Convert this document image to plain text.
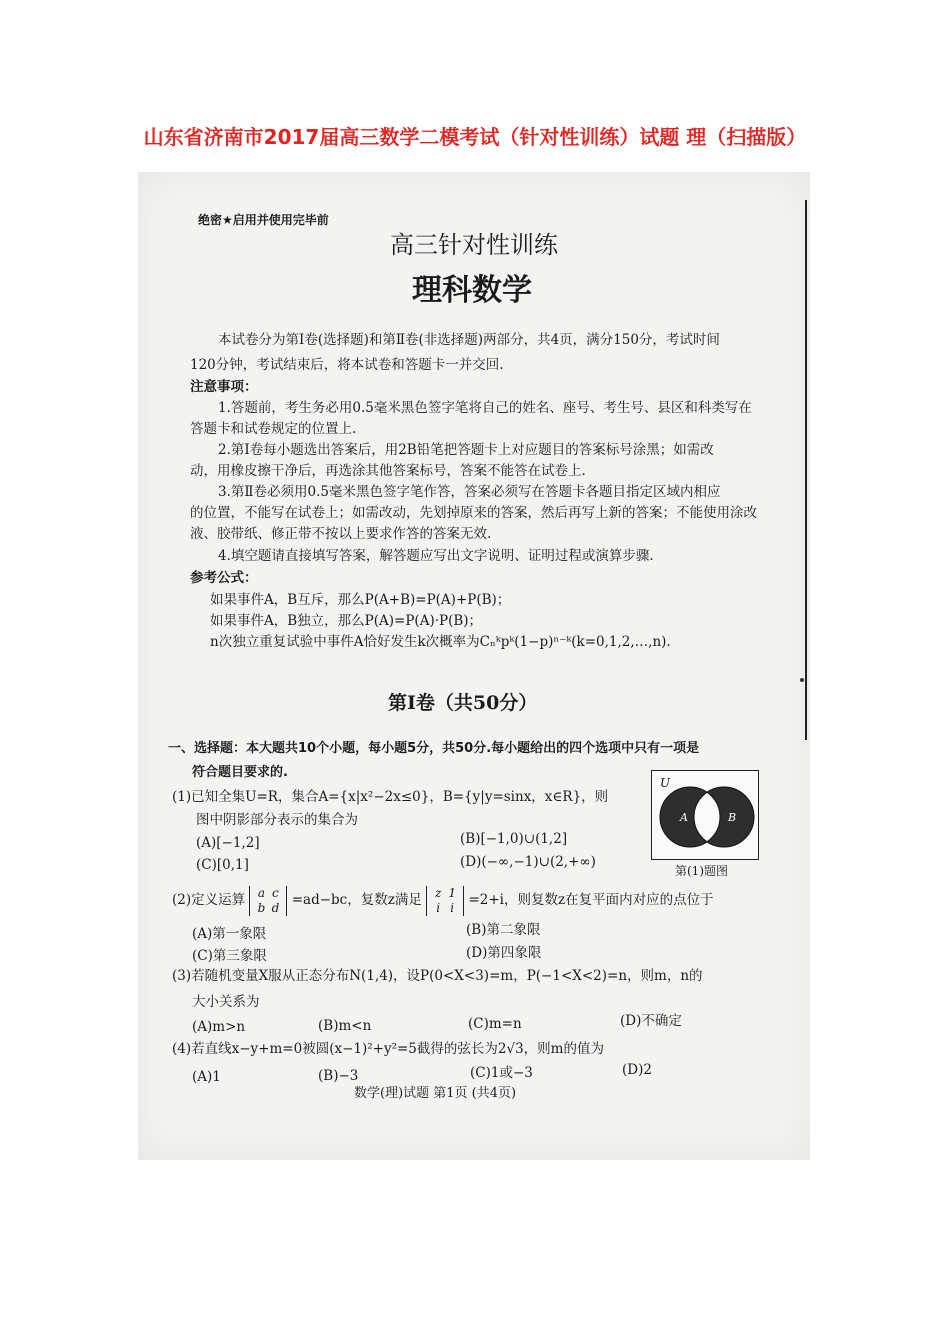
山东省济南市2017届高三数学二模考试（针对性训练）试题 理（扫描版）
绝密★启用并使用完毕前
高三针对性训练
理科数学
本试卷分为第Ⅰ卷(选择题)和第Ⅱ卷(非选择题)两部分，共4页，满分150分，考试时间
120分钟，考试结束后，将本试卷和答题卡一并交回.
注意事项：
1.答题前，考生务必用0.5毫米黑色签字笔将自己的姓名、座号、考生号、县区和科类写在
答题卡和试卷规定的位置上.
2.第Ⅰ卷每小题选出答案后，用2B铅笔把答题卡上对应题目的答案标号涂黑；如需改
动，用橡皮擦干净后，再选涂其他答案标号，答案不能答在试卷上.
3.第Ⅱ卷必须用0.5毫米黑色签字笔作答，答案必须写在答题卡各题目指定区域内相应
的位置，不能写在试卷上；如需改动，先划掉原来的答案，然后再写上新的答案；不能使用涂改
液、胶带纸、修正带不按以上要求作答的答案无效.
4.填空题请直接填写答案，解答题应写出文字说明、证明过程或演算步骤.
参考公式：
如果事件A，B互斥，那么P(A+B)=P(A)+P(B)；
如果事件A，B独立，那么P(A)=P(A)·P(B)；
n次独立重复试验中事件A恰好发生k次概率为Cₙᵏpᵏ(1−p)ⁿ⁻ᵏ(k=0,1,2,…,n).
第Ⅰ卷（共50分）
一、选择题：本大题共10个小题，每小题5分，共50分.每小题给出的四个选项中只有一项是
符合题目要求的.
(1)已知全集U=R，集合A={x|x²−2x≤0}，B={y|y=sinx，x∈R}，则
图中阴影部分表示的集合为
(A)[−1,2]	(B)[−1,0)∪(1,2]
(C)[0,1]	(D)(−∞,−1)∪(2,+∞)
U
A	B
第(1)题图
(2)定义运算 a c
b d =ad−bc，复数z满足 z 1
i i =2+i，则复数z在复平面内对应的点位于
(A)第一象限	(B)第二象限
(C)第三象限	(D)第四象限
(3)若随机变量X服从正态分布N(1,4)，设P(0<X<3)=m，P(−1<X<2)=n，则m，n的
大小关系为
(A)m>n	(B)m<n	(C)m=n	(D)不确定
(4)若直线x−y+m=0被圆(x−1)²+y²=5截得的弦长为2√3，则m的值为
(A)1	(B)−3	(C)1或−3	(D)2
数学(理)试题 第1页 (共4页)
